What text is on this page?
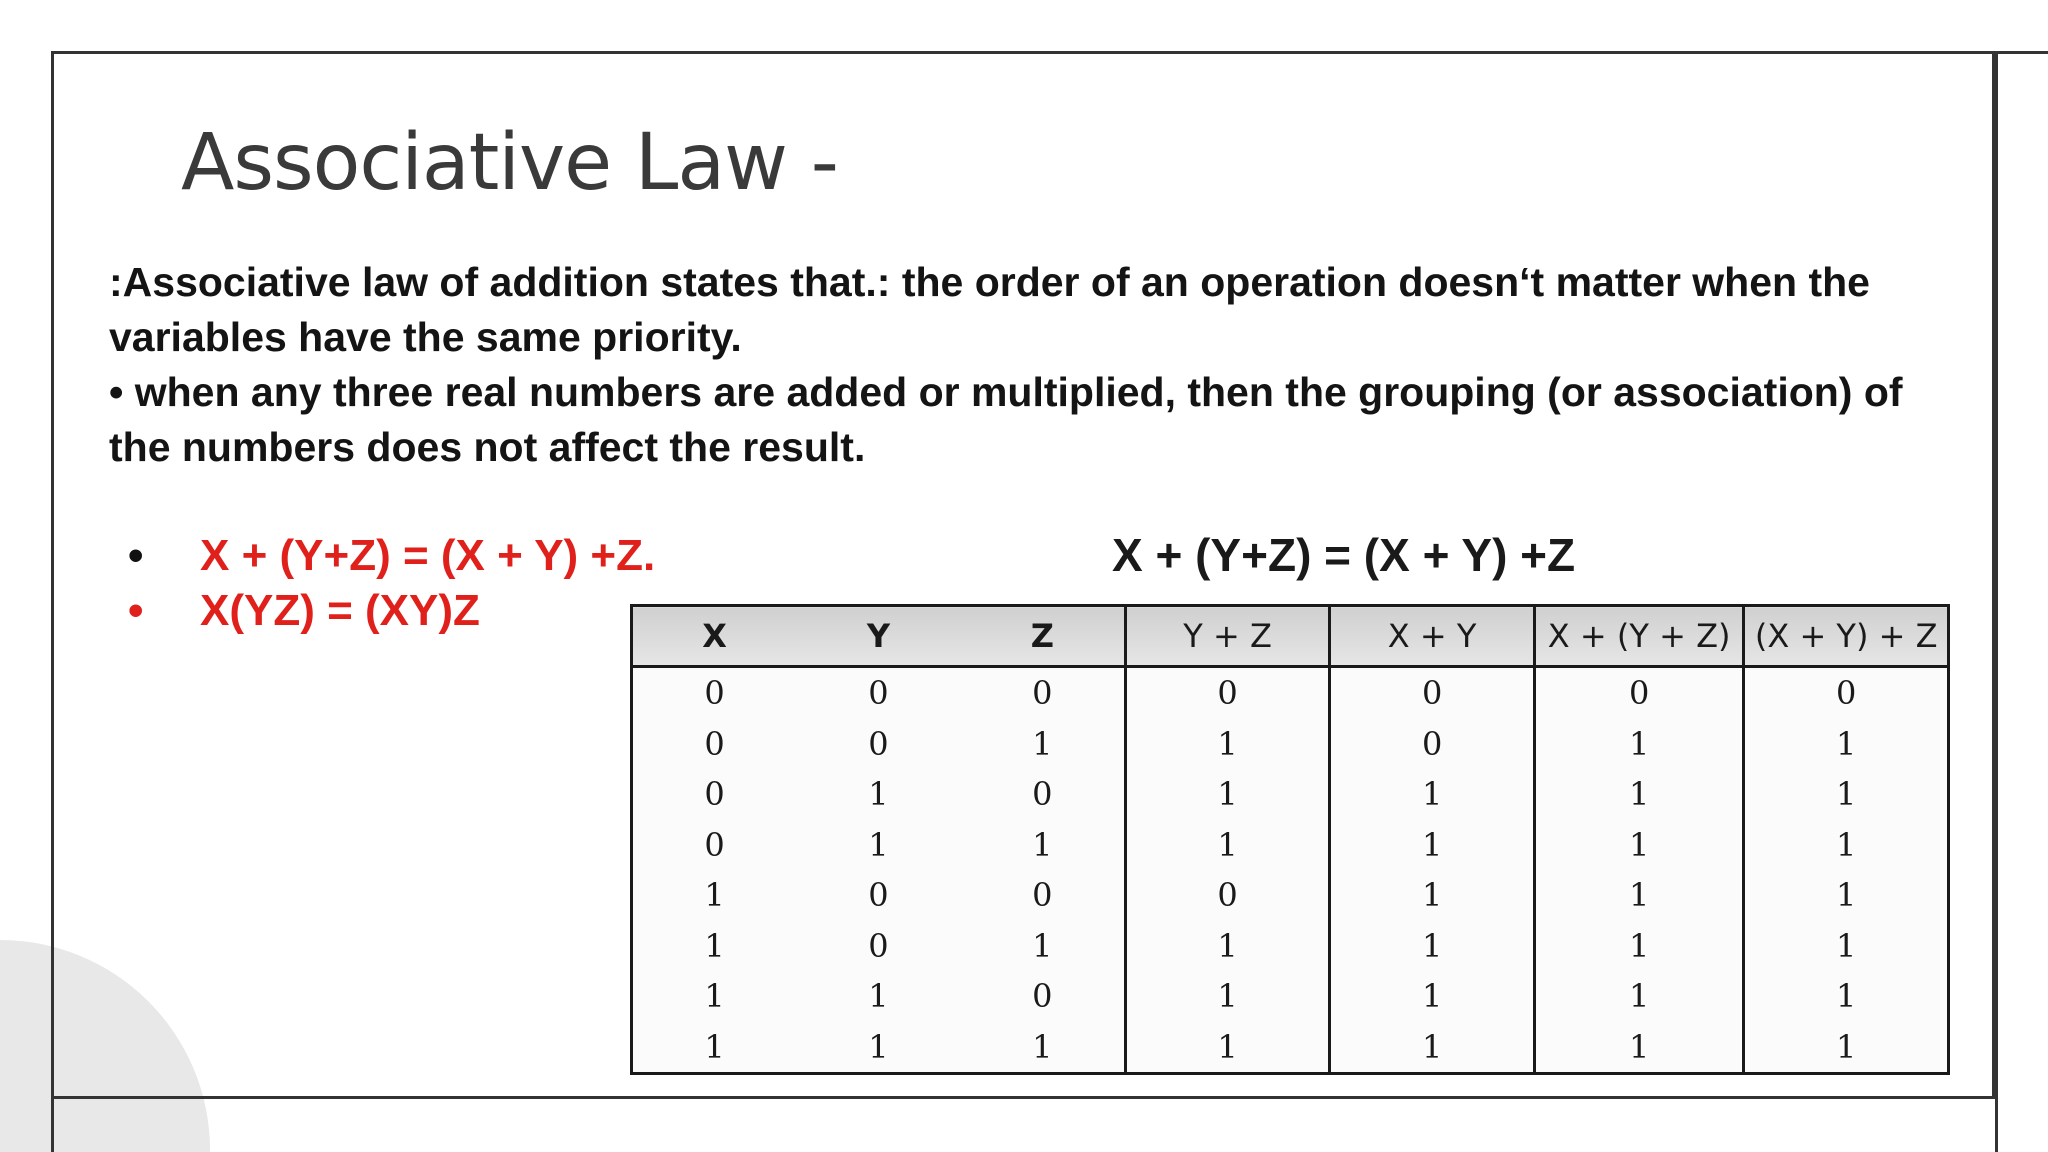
Associative Law -

:Associative law of addition states that.: the order of an operation doesn‘t matter when the variables have the same priority.

• when any three real numbers are added or multiplied, then the grouping (or association) of the numbers does not affect the result.

• X + (Y+Z) = (X + Y) +Z.
• X(YZ) = (XY)Z
X + (Y+Z) = (X + Y) +Z
X	Y	Z	Y + Z	X + Y	X + (Y + Z)	(X + Y) + Z
0	0	0	0	0	0	0
0	0	1	1	0	1	1
0	1	0	1	1	1	1
0	1	1	1	1	1	1
1	0	0	0	1	1	1
1	0	1	1	1	1	1
1	1	0	1	1	1	1
1	1	1	1	1	1	1
